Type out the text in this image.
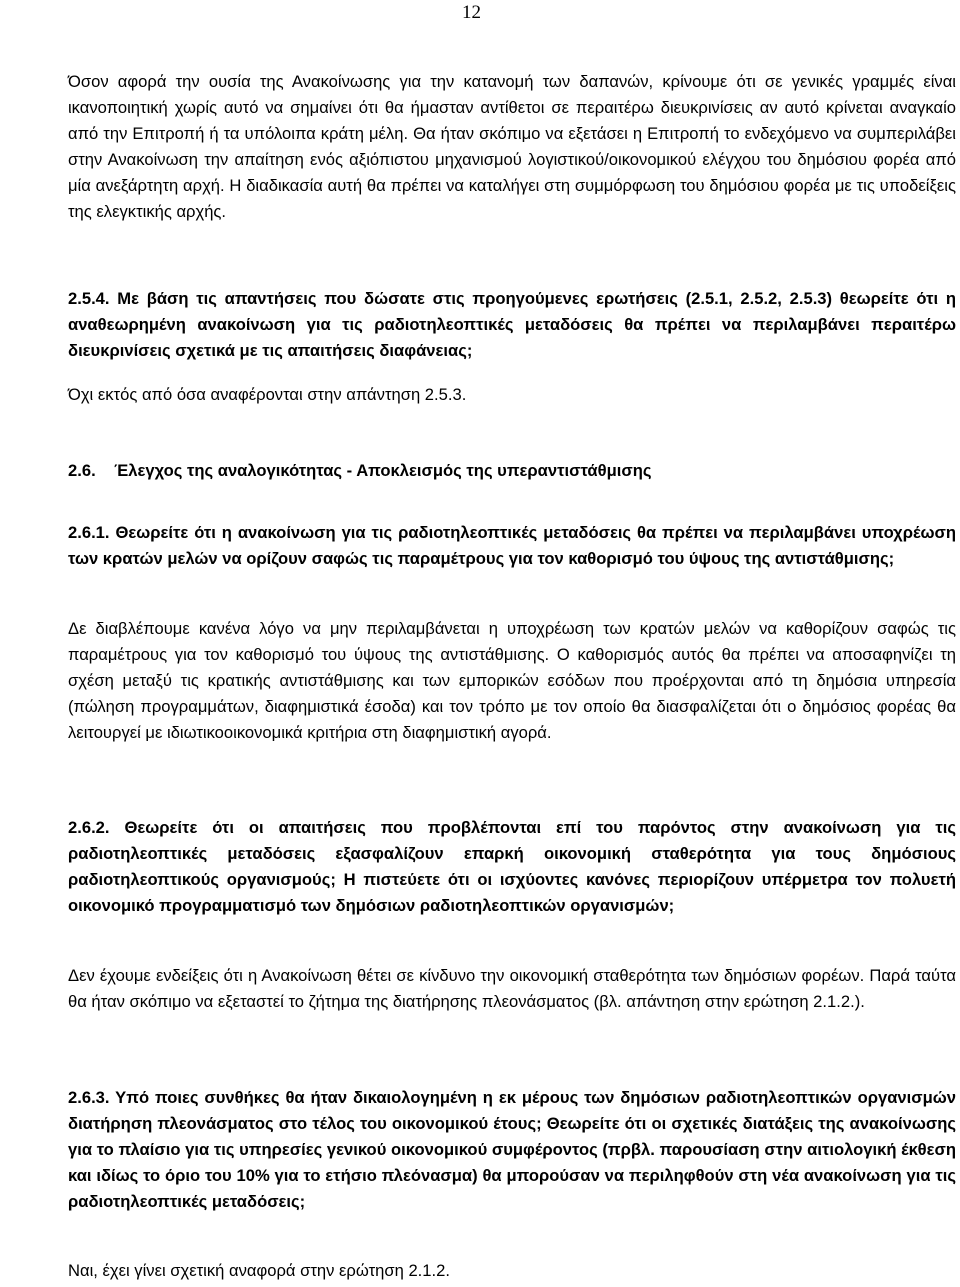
12

Όσον αφορά την ουσία της Ανακοίνωσης για την κατανομή των δαπανών, κρίνουμε ότι σε γενικές γραμμές είναι ικανοποιητική χωρίς αυτό να σημαίνει ότι θα ήμασταν αντίθετοι σε περαιτέρω διευκρινίσεις αν αυτό κρίνεται αναγκαίο από την Επιτροπή ή τα υπόλοιπα κράτη μέλη. Θα ήταν σκόπιμο να εξετάσει η Επιτροπή το ενδεχόμενο να συμπεριλάβει στην Ανακοίνωση την απαίτηση ενός αξιόπιστου μηχανισμού λογιστικού/οικονομικού ελέγχου του δημόσιου φορέα από μία ανεξάρτητη αρχή. Η διαδικασία αυτή θα πρέπει να καταλήγει στη συμμόρφωση του δημόσιου φορέα με τις υποδείξεις της ελεγκτικής αρχής.

2.5.4. Με βάση τις απαντήσεις που δώσατε στις προηγούμενες ερωτήσεις (2.5.1, 2.5.2, 2.5.3) θεωρείτε ότι η αναθεωρημένη ανακοίνωση για τις ραδιοτηλεοπτικές μεταδόσεις θα πρέπει να περιλαμβάνει περαιτέρω διευκρινίσεις σχετικά με τις απαιτήσεις διαφάνειας;

Όχι εκτός από όσα αναφέρονται στην απάντηση 2.5.3.

2.6. Έλεγχος της αναλογικότητας - Αποκλεισμός της υπεραντιστάθμισης

2.6.1. Θεωρείτε ότι η ανακοίνωση για τις ραδιοτηλεοπτικές μεταδόσεις θα πρέπει να περιλαμβάνει υποχρέωση των κρατών μελών να ορίζουν σαφώς τις παραμέτρους για τον καθορισμό του ύψους της αντιστάθμισης;

Δε διαβλέπουμε κανένα λόγο να μην περιλαμβάνεται η υποχρέωση των κρατών μελών να καθορίζουν σαφώς τις παραμέτρους για τον καθορισμό του ύψους της αντιστάθμισης. Ο καθορισμός αυτός θα πρέπει να αποσαφηνίζει τη σχέση μεταξύ τις κρατικής αντιστάθμισης και των εμπορικών εσόδων που προέρχονται από τη δημόσια υπηρεσία (πώληση προγραμμάτων, διαφημιστικά έσοδα) και τον τρόπο με τον οποίο θα διασφαλίζεται ότι ο δημόσιος φορέας θα λειτουργεί με ιδιωτικοοικονομικά κριτήρια στη διαφημιστική αγορά.

2.6.2. Θεωρείτε ότι οι απαιτήσεις που προβλέπονται επί του παρόντος στην ανακοίνωση για τις ραδιοτηλεοπτικές μεταδόσεις εξασφαλίζουν επαρκή οικονομική σταθερότητα για τους δημόσιους ραδιοτηλεοπτικούς οργανισμούς; Η πιστεύετε ότι οι ισχύοντες κανόνες περιορίζουν υπέρμετρα τον πολυετή οικονομικό προγραμματισμό των δημόσιων ραδιοτηλεοπτικών οργανισμών;

Δεν έχουμε ενδείξεις ότι η Ανακοίνωση θέτει σε κίνδυνο την οικονομική σταθερότητα των δημόσιων φορέων. Παρά ταύτα θα ήταν σκόπιμο να εξεταστεί το ζήτημα της διατήρησης πλεονάσματος (βλ. απάντηση στην ερώτηση 2.1.2.).

2.6.3. Υπό ποιες συνθήκες θα ήταν δικαιολογημένη η εκ μέρους των δημόσιων ραδιοτηλεοπτικών οργανισμών διατήρηση πλεονάσματος στο τέλος του οικονομικού έτους; Θεωρείτε ότι οι σχετικές διατάξεις της ανακοίνωσης για το πλαίσιο για τις υπηρεσίες γενικού οικονομικού συμφέροντος (πρβλ. παρουσίαση στην αιτιολογική έκθεση και ιδίως το όριο του 10% για το ετήσιο πλεόνασμα) θα μπορούσαν να περιληφθούν στη νέα ανακοίνωση για τις ραδιοτηλεοπτικές μεταδόσεις;

Ναι, έχει γίνει σχετική αναφορά στην ερώτηση 2.1.2.
